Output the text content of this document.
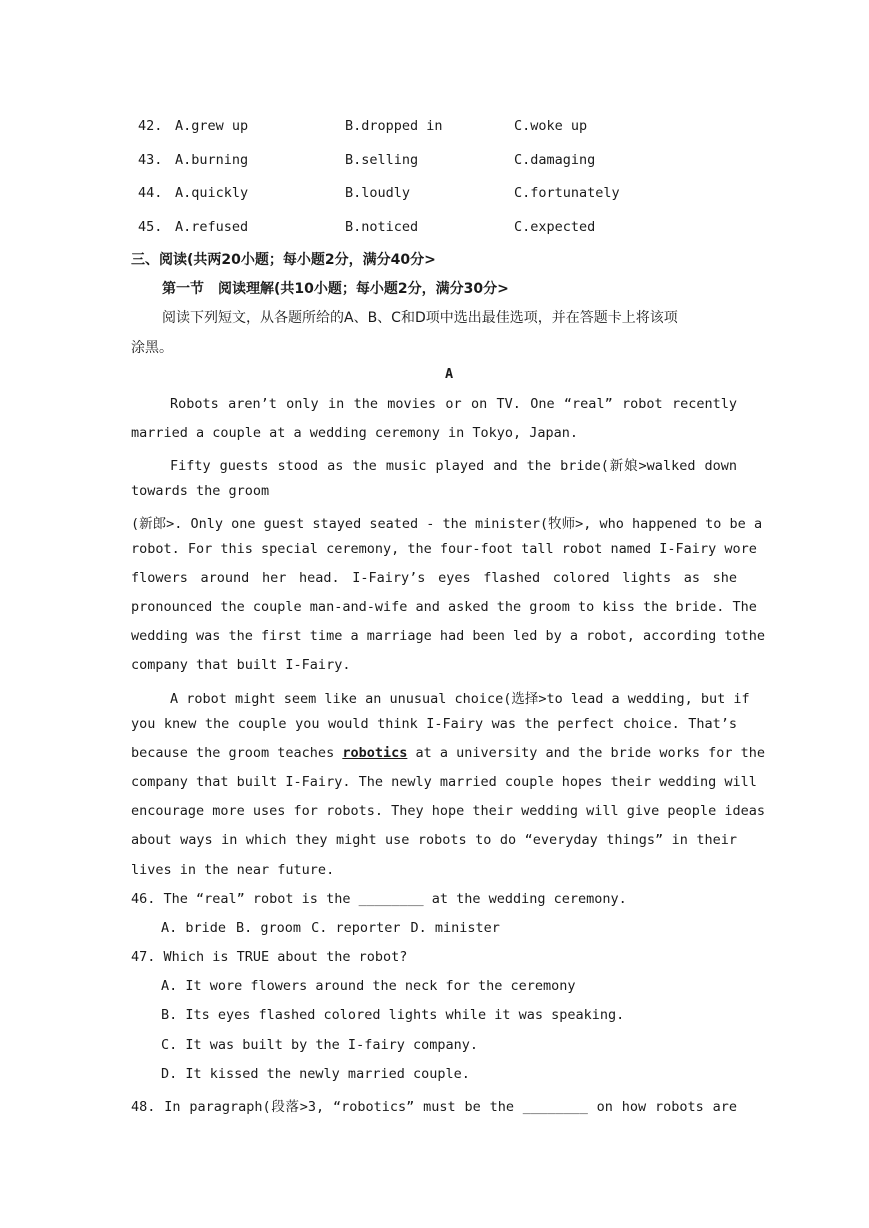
42. A.grew up	B.dropped in	C.woke up
43. A.burning	B.selling	C.damaging
44. A.quickly	B.loudly	C.fortunately
45. A.refused	B.noticed	C.expected
三、阅读(共两20小题；每小题2分，满分40分>
第一节　阅读理解(共10小题；每小题2分，满分30分>
阅读下列短文，从各题所给的A、B、C和D项中选出最佳选项，并在答题卡上将该项
涂黑。
A
Robots aren’t only in the movies or on TV. One “real” robot recently
married a couple at a wedding ceremony in Tokyo, Japan.
Fifty guests stood as the music played and the bride(新娘>walked down
towards the groom
(新郎>. Only one guest stayed seated - the minister(牧师>, who happened to be a
robot. For this special ceremony, the four-foot tall robot named I-Fairy wore
flowers around her head. I-Fairy’s eyes flashed colored lights as she
pronounced the couple man-and-wife and asked the groom to kiss the bride. The
wedding was the first time a marriage had been led by a robot, according tothe
company that built I-Fairy.
A robot might seem like an unusual choice(选择>to lead a wedding, but if
you knew the couple you would think I-Fairy was the perfect choice. That’s
because the groom teaches robotics at a university and the bride works for the
company that built I-Fairy. The newly married couple hopes their wedding will
encourage more uses for robots. They hope their wedding will give people ideas
about ways in which they might use robots to do “everyday things” in their
lives in the near future.
46. The “real” robot is the ________ at the wedding ceremony.
A. bride B. groom C. reporter D. minister
47. Which is TRUE about the robot?
A. It wore flowers around the neck for the ceremony
B. Its eyes flashed colored lights while it was speaking.
C. It was built by the I-fairy company.
D. It kissed the newly married couple.
48. In paragraph(段落>3, “robotics” must be the ________ on how robots are
